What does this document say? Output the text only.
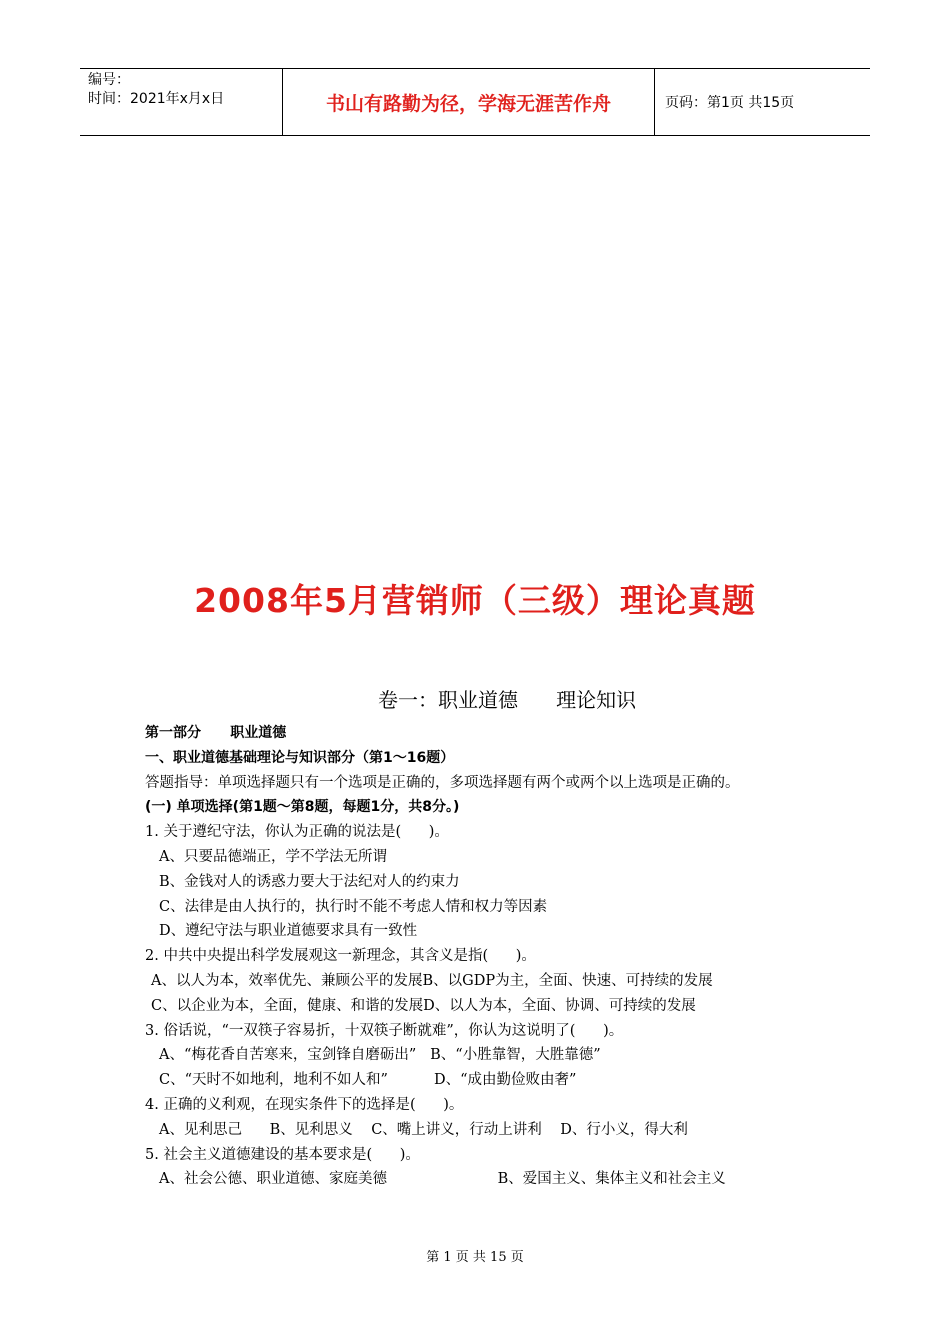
编号：
时间：2021年x月x日	书山有路勤为径，学海无涯苦作舟	页码：第1页 共15页
2008年5月营销师（三级）理论真题
卷一：职业道德      理论知识
第一部分      职业道德
一、职业道德基础理论与知识部分（第1～16题）
答题指导：单项选择题只有一个选项是正确的，多项选择题有两个或两个以上选项是正确的。
(一) 单项选择(第1题～第8题，每题1分，共8分。)
1. 关于遵纪守法，你认为正确的说法是(      )。
A、只要品德端正，学不学法无所谓
B、金钱对人的诱惑力要大于法纪对人的约束力
C、法律是由人执行的，执行时不能不考虑人情和权力等因素
D、遵纪守法与职业道德要求具有一致性
2. 中共中央提出科学发展观这一新理念，其含义是指(      )。
A、以人为本，效率优先、兼顾公平的发展B、以GDP为主，全面、快速、可持续的发展
C、以企业为本，全面，健康、和谐的发展D、以人为本，全面、协调、可持续的发展
3. 俗话说，“一双筷子容易折，十双筷子断就难”，你认为这说明了(      )。
A、“梅花香自苦寒来，宝剑锋自磨砺出”   B、“小胜靠智，大胜靠德”
C、“天时不如地利，地利不如人和”          D、“成由勤俭败由奢”
4. 正确的义利观，在现实条件下的选择是(      )。
A、见利思己      B、见利思义    C、嘴上讲义，行动上讲利    D、行小义，得大利
5. 社会主义道德建设的基本要求是(      )。
A、社会公德、职业道德、家庭美德                        B、爱国主义、集体主义和社会主义
第 1 页 共 15 页
